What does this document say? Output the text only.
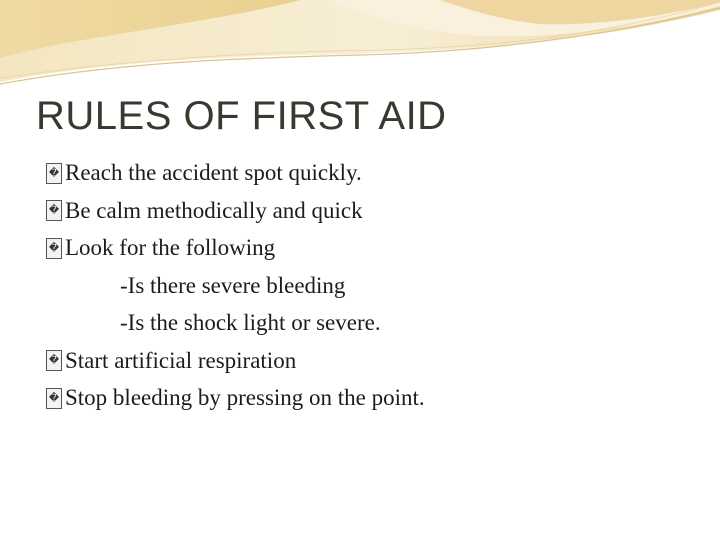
RULES OF FIRST AID
� Reach the accident spot quickly.
� Be calm methodically and quick
� Look for the following
-Is there severe bleeding
-Is the shock light or severe.
� Start artificial respiration
� Stop bleeding by pressing on the point.
